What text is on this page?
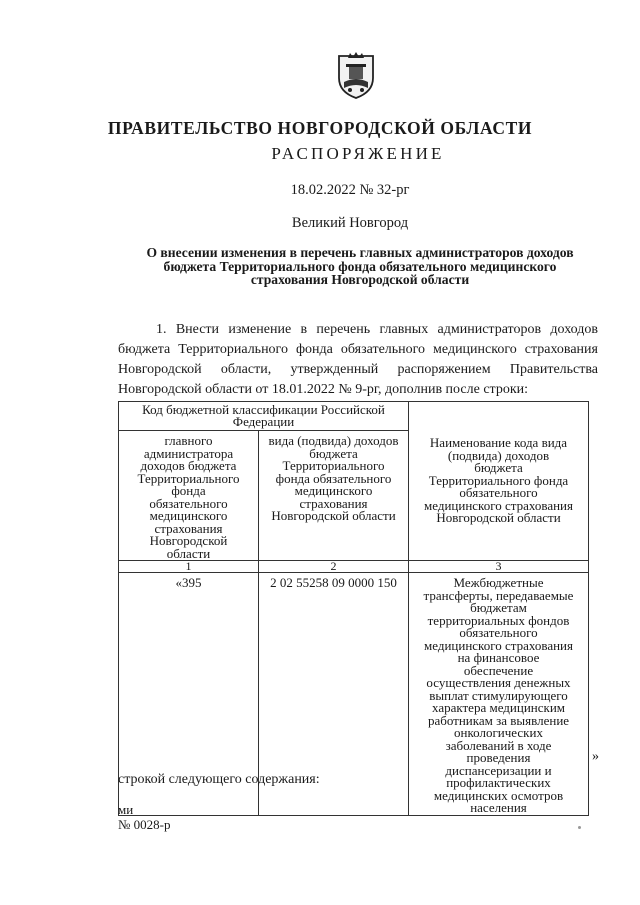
ПРАВИТЕЛЬСТВО НОВГОРОДСКОЙ ОБЛАСТИ
РАСПОРЯЖЕНИЕ
18.02.2022 № 32-рг
Великий Новгород
О внесении изменения в перечень главных администраторов доходов
бюджета Территориального фонда обязательного медицинского
страхования Новгородской области
1. Внести изменение в перечень главных администраторов доходов
бюджета Территориального фонда обязательного медицинского страхования
Новгородской области, утвержденный распоряжением Правительства
Новгородской области от 18.01.2022 № 9-рг, дополнив после строки:
Код бюджетной классификации Российской Федерации		Наименование кода вида (подвида) доходов бюджета Территориального фонда обязательного медицинского страхования Новгородской области

главного администратора доходов бюджета Территориального фонда обязательного медицинского страхования Новгородской области	вида (подвида) доходов бюджета Территориального фонда обязательного медицинского страхования Новгородской области	

1	2	3
«395	2 02 55258 09 0000 150	Межбюджетные трансферты, передаваемые бюджетам территориальных фондов обязательного медицинского страхования на финансовое обеспечение осуществления денежных выплат стимулирующего характера медицинским работникам за выявление онкологических заболеваний в ходе проведения диспансеризации и профилактических медицинских осмотров населения
»
строкой следующего содержания:
ми
№ 0028-р
